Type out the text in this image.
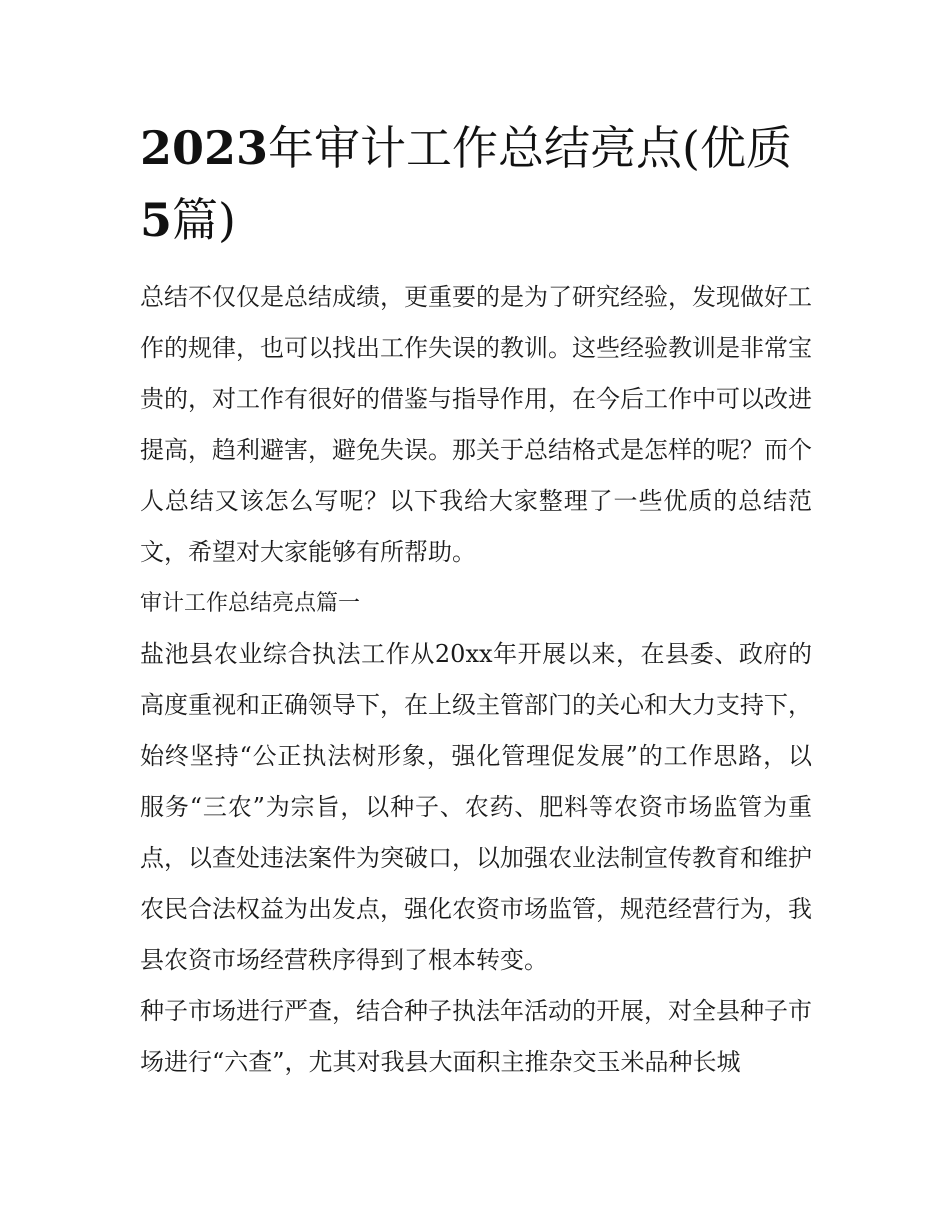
2023年审计工作总结亮点(优质5篇)

总结不仅仅是总结成绩，更重要的是为了研究经验，发现做好工作的规律，也可以找出工作失误的教训。这些经验教训是非常宝贵的，对工作有很好的借鉴与指导作用，在今后工作中可以改进提高，趋利避害，避免失误。那关于总结格式是怎样的呢？而个人总结又该怎么写呢？以下我给大家整理了一些优质的总结范文，希望对大家能够有所帮助。

审计工作总结亮点篇一

盐池县农业综合执法工作从20xx年开展以来，在县委、政府的高度重视和正确领导下，在上级主管部门的关心和大力支持下，始终坚持“公正执法树形象，强化管理促发展”的工作思路，以服务“三农”为宗旨，以种子、农药、肥料等农资市场监管为重点，以查处违法案件为突破口，以加强农业法制宣传教育和维护农民合法权益为出发点，强化农资市场监管，规范经营行为，我县农资市场经营秩序得到了根本转变。

种子市场进行严查，结合种子执法年活动的开展，对全县种子市场进行“六查”，尤其对我县大面积主推杂交玉米品种长城
